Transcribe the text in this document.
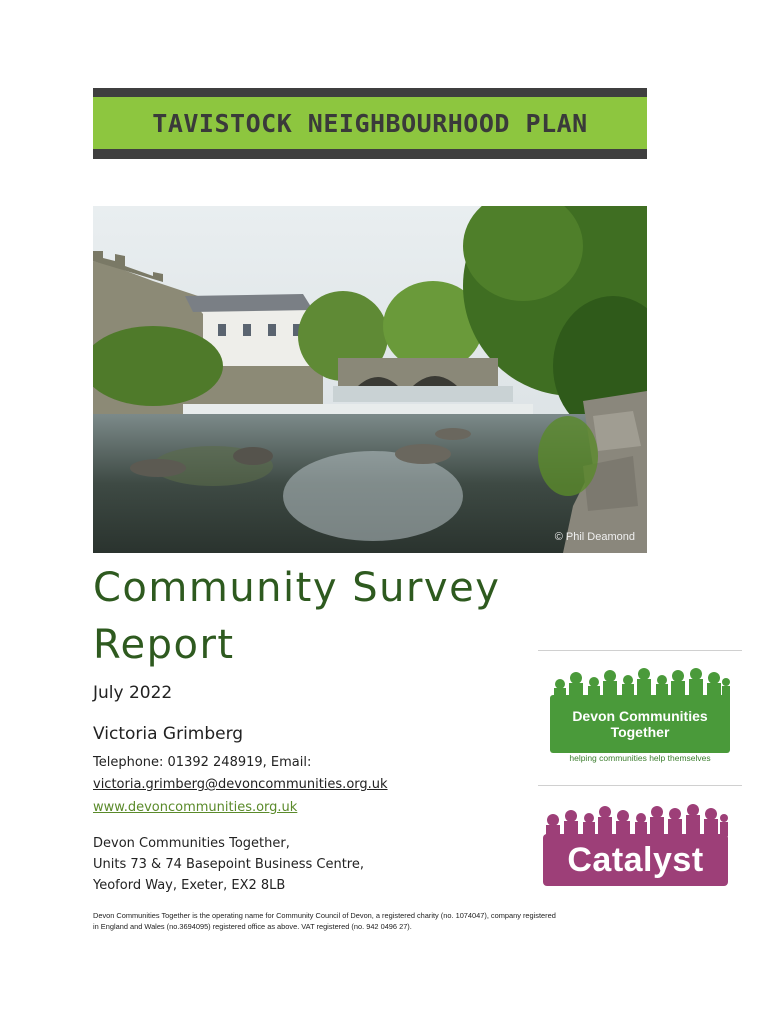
TAVISTOCK NEIGHBOURHOOD PLAN
© Phil Deamond
Community Survey
Report
July 2022
Victoria Grimberg
Telephone: 01392 248919, Email:
victoria.grimberg@devoncommunities.org.uk
www.devoncommunities.org.uk
Devon Communities Together,
Units 73 & 74 Basepoint Business Centre,
Yeoford Way, Exeter, EX2 8LB
Devon Communities Together is the operating name for Community Council of Devon, a registered charity (no. 1074047), company registered
in England and Wales (no.3694095) registered office as above. VAT registered (no. 942 0496 27).
Devon Communities
Together
helping communities help themselves
Catalyst
